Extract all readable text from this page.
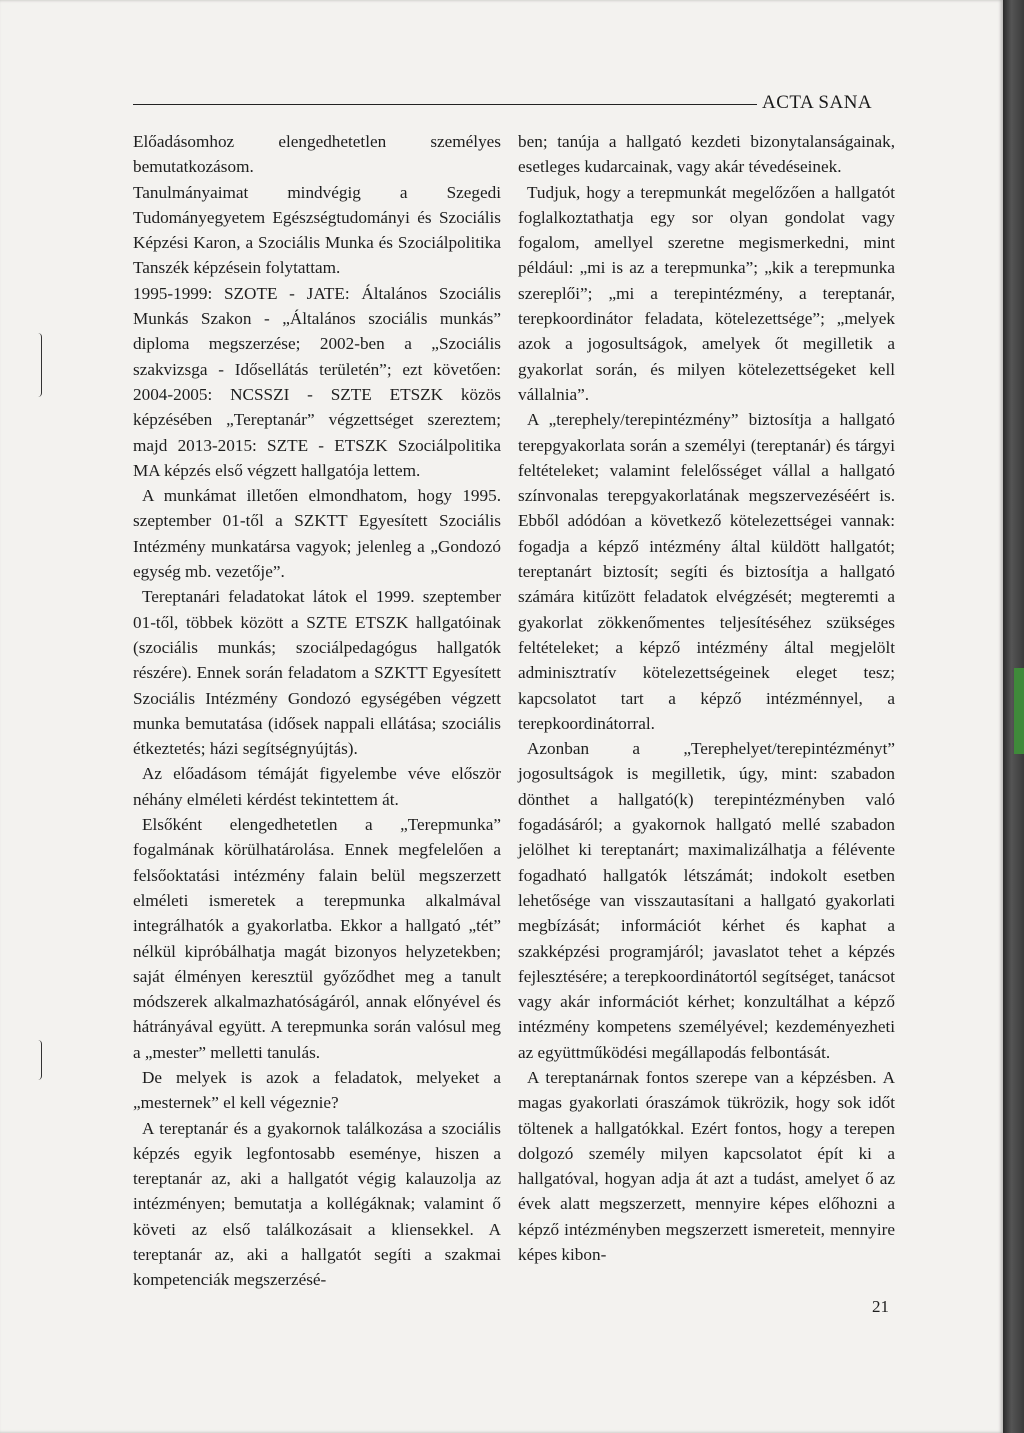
ACTA SANA

Előadásomhoz elengedhetetlen személyes bemutatkozásom.

Tanulmányaimat mindvégig a Szegedi Tudományegyetem Egészségtudományi és Szociális Képzési Karon, a Szociális Munka és Szociálpolitika Tanszék képzésein folytattam.

1995-1999: SZOTE - JATE: Általános Szociális Munkás Szakon - „Általános szociális munkás” diploma megszerzése; 2002-ben a „Szociális szakvizsga - Idősellátás területén”; ezt követően: 2004-2005: NCSSZI - SZTE ETSZK közös képzésében „Tereptanár” végzettséget szereztem; majd 2013-2015: SZTE - ETSZK Szociálpolitika MA képzés első végzett hallgatója lettem.

A munkámat illetően elmondhatom, hogy 1995. szeptember 01-től a SZKTT Egyesített Szociális Intézmény munkatársa vagyok; jelenleg a „Gondozó egység mb. vezetője”.

Tereptanári feladatokat látok el 1999. szeptember 01-től, többek között a SZTE ETSZK hallgatóinak (szociális munkás; szociálpedagógus hallgatók részére). Ennek során feladatom a SZKTT Egyesített Szociális Intézmény Gondozó egységében végzett munka bemutatása (idősek nappali ellátása; szociális étkeztetés; házi segítségnyújtás).

Az előadásom témáját figyelembe véve először néhány elméleti kérdést tekintettem át.

Elsőként elengedhetetlen a „Terepmunka” fogalmának körülhatárolása. Ennek megfelelően a felsőoktatási intézmény falain belül megszerzett elméleti ismeretek a terepmunka alkalmával integrálhatók a gyakorlatba. Ekkor a hallgató „tét” nélkül kipróbálhatja magát bizonyos helyzetekben; saját élményen keresztül győződhet meg a tanult módszerek alkalmazhatóságáról, annak előnyével és hátrányával együtt. A terepmunka során valósul meg a „mester” melletti tanulás.

De melyek is azok a feladatok, melyeket a „mesternek” el kell végeznie?

A tereptanár és a gyakornok találkozása a szociális képzés egyik legfontosabb eseménye, hiszen a tereptanár az, aki a hallgatót végig kalauzolja az intézményen; bemutatja a kollégáknak; valamint ő követi az első találkozásait a kliensekkel. A tereptanár az, aki a hallgatót segíti a szakmai kompetenciák megszerzésé-

ben; tanúja a hallgató kezdeti bizonytalanságainak, esetleges kudarcainak, vagy akár tévedéseinek.

Tudjuk, hogy a terepmunkát megelőzően a hallgatót foglalkoztathatja egy sor olyan gondolat vagy fogalom, amellyel szeretne megismerkedni, mint például: „mi is az a terepmunka”; „kik a terepmunka szereplői”; „mi a terepintézmény, a tereptanár, terepkoordinátor feladata, kötelezettsége”; „melyek azok a jogosultságok, amelyek őt megilletik a gyakorlat során, és milyen kötelezettségeket kell vállalnia”.

A „terephely/terepintézmény” biztosítja a hallgató terepgyakorlata során a személyi (tereptanár) és tárgyi feltételeket; valamint felelősséget vállal a hallgató színvonalas terepgyakorlatának megszervezéséért is. Ebből adódóan a következő kötelezettségei vannak: fogadja a képző intézmény által küldött hallgatót; tereptanárt biztosít; segíti és biztosítja a hallgató számára kitűzött feladatok elvégzését; megteremti a gyakorlat zökkenőmentes teljesítéséhez szükséges feltételeket; a képző intézmény által megjelölt adminisztratív kötelezettségeinek eleget tesz; kapcsolatot tart a képző intézménnyel, a terepkoordinátorral.

Azonban a „Terephelyet/terepintézményt” jogosultságok is megilletik, úgy, mint: szabadon dönthet a hallgató(k) terepintézményben való fogadásáról; a gyakornok hallgató mellé szabadon jelölhet ki tereptanárt; maximalizálhatja a félévente fogadható hallgatók létszámát; indokolt esetben lehetősége van visszautasítani a hallgató gyakorlati megbízását; információt kérhet és kaphat a szakképzési programjáról; javaslatot tehet a képzés fejlesztésére; a terepkoordinátortól segítséget, tanácsot vagy akár információt kérhet; konzultálhat a képző intézmény kompetens személyével; kezdeményezheti az együttműködési megállapodás felbontását.

A tereptanárnak fontos szerepe van a képzésben. A magas gyakorlati óraszámok tükrözik, hogy sok időt töltenek a hallgatókkal. Ezért fontos, hogy a terepen dolgozó személy milyen kapcsolatot épít ki a hallgatóval, hogyan adja át azt a tudást, amelyet ő az évek alatt megszerzett, mennyire képes előhozni a képző intézményben megszerzett ismereteit, mennyire képes kibon-

21
